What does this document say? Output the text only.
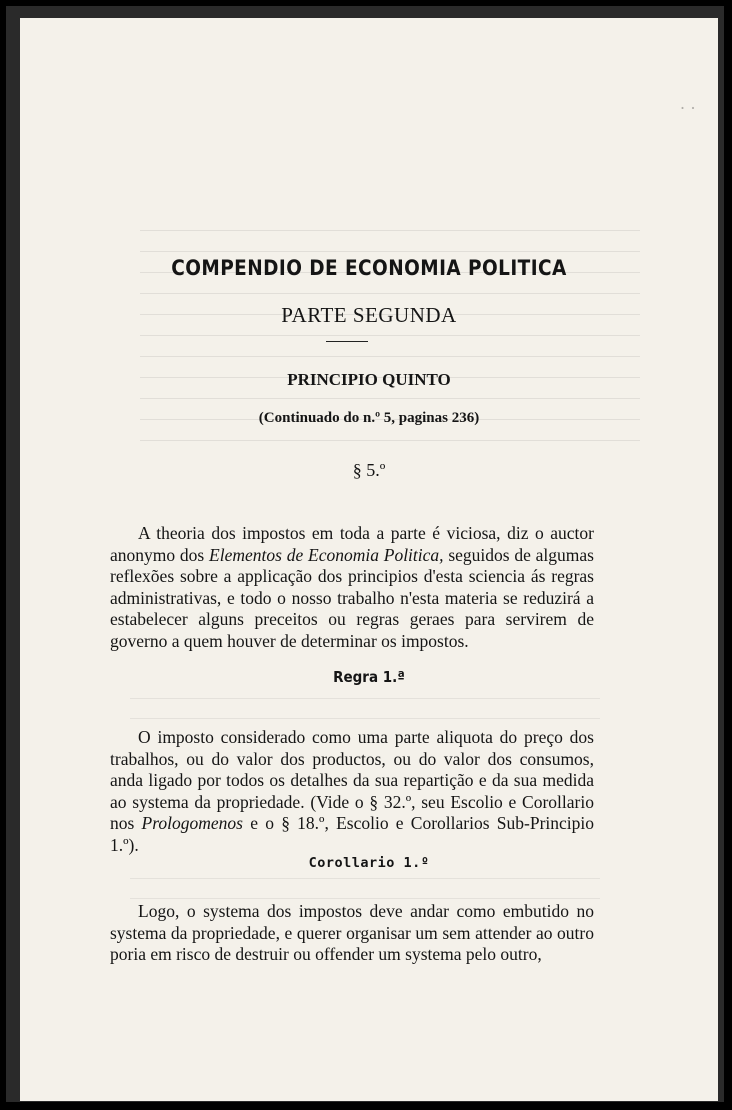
· ·
COMPENDIO DE ECONOMIA POLITICA
PARTE SEGUNDA
PRINCIPIO QUINTO
(Continuado do n.º 5, paginas 236)
§ 5.º
A theoria dos impostos em toda a parte é viciosa, diz o auctor anonymo dos Elementos de Economia Politica, seguidos de algumas reflexões sobre a applicação dos principios d'esta sciencia ás regras administrativas, e todo o nosso trabalho n'esta materia se reduzirá a estabelecer alguns preceitos ou regras geraes para servirem de governo a quem houver de determinar os impostos.
Regra 1.ª
O imposto considerado como uma parte aliquota do preço dos trabalhos, ou do valor dos productos, ou do valor dos consumos, anda ligado por todos os detalhes da sua repartição e da sua medida ao systema da propriedade. (Vide o § 32.º, seu Escolio e Corollario nos Prologomenos e o § 18.º, Escolio e Corollarios Sub-Principio 1.º).
Corollario 1.º
Logo, o systema dos impostos deve andar como embutido no systema da propriedade, e querer organisar um sem attender ao outro poria em risco de destruir ou offender um systema pelo outro,
